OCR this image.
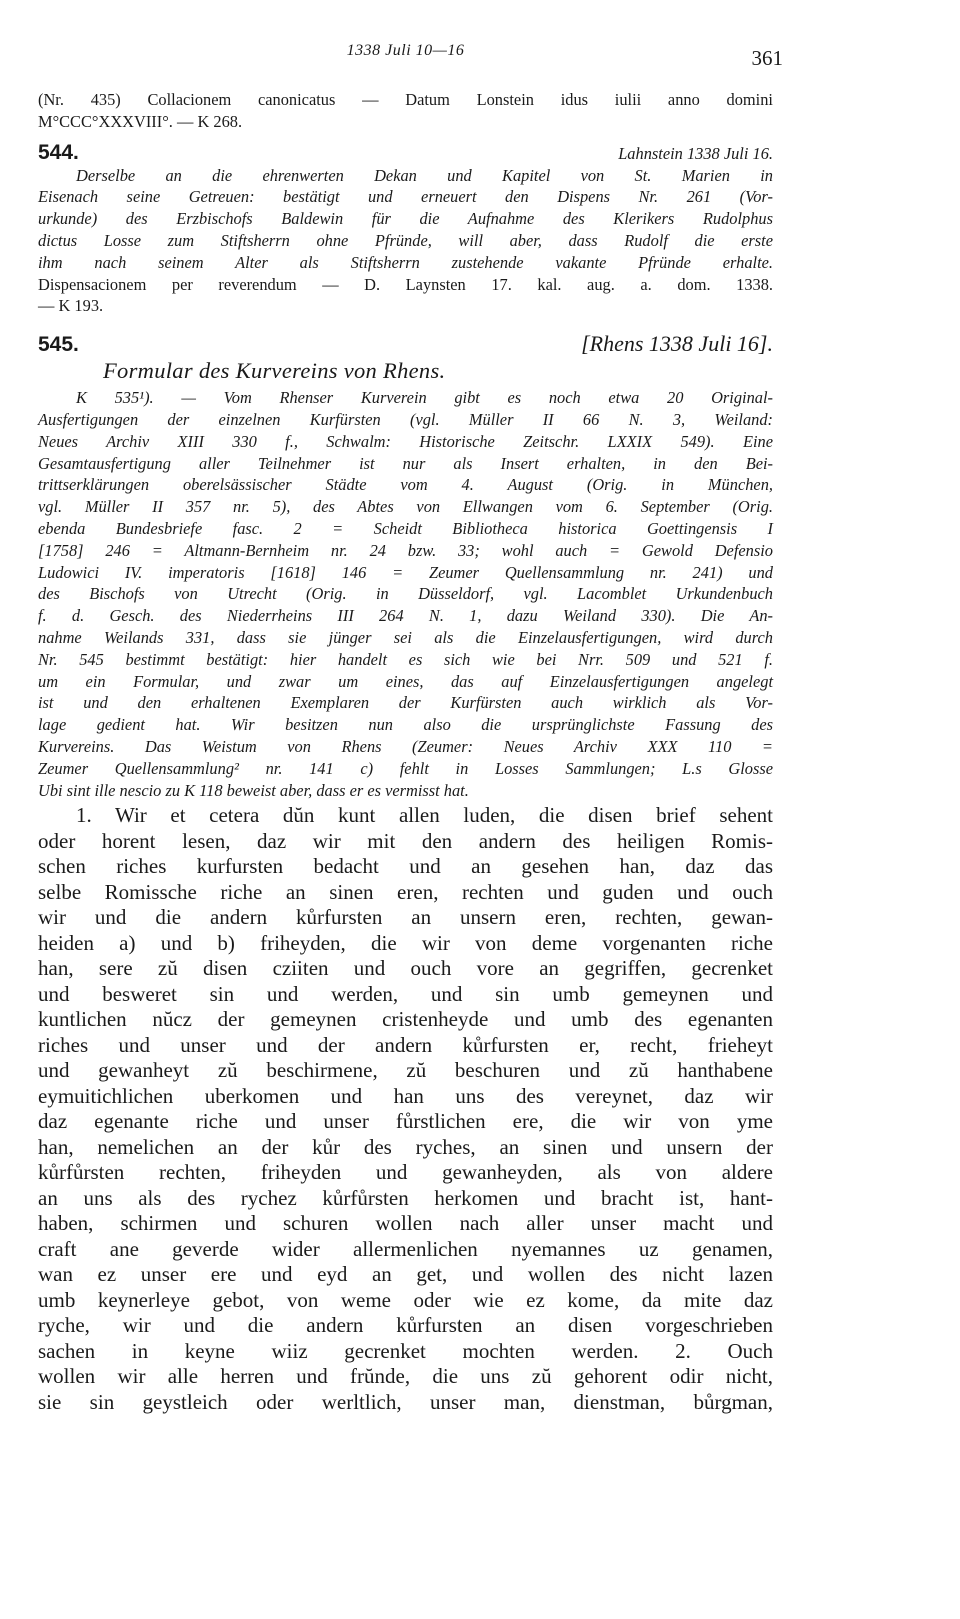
1338 Juli 10—16	361
(Nr. 435) Collacionem canonicatus — Datum Lonstein idus iulii anno domini
M°CCC°XXXVIII°. — K 268.
544.	Lahnstein 1338 Juli 16.
Derselbe an die ehrenwerten Dekan und Kapitel von St. Marien in
Eisenach seine Getreuen: bestätigt und erneuert den Dispens Nr. 261 (Vor-
urkunde) des Erzbischofs Baldewin für die Aufnahme des Klerikers Rudolphus
dictus Losse zum Stiftsherrn ohne Pfründe, will aber, dass Rudolf die erste
ihm nach seinem Alter als Stiftsherrn zustehende vakante Pfründe erhalte.
Dispensacionem per reverendum — D. Laynsten 17. kal. aug. a. dom. 1338.
— K 193.
545.	[Rhens 1338 Juli 16].
Formular des Kurvereins von Rhens.
K 535¹). — Vom Rhenser Kurverein gibt es noch etwa 20 Original-
Ausfertigungen der einzelnen Kurfürsten (vgl. Müller II 66 N. 3, Weiland:
Neues Archiv XIII 330 f., Schwalm: Historische Zeitschr. LXXIX 549). Eine
Gesamtausfertigung aller Teilnehmer ist nur als Insert erhalten, in den Bei-
trittserklärungen oberelsässischer Städte vom 4. August (Orig. in München,
vgl. Müller II 357 nr. 5), des Abtes von Ellwangen vom 6. September (Orig.
ebenda Bundesbriefe fasc. 2 = Scheidt Bibliotheca historica Goettingensis I
[1758] 246 = Altmann-Bernheim nr. 24 bzw. 33; wohl auch = Gewold Defensio
Ludowici IV. imperatoris [1618] 146 = Zeumer Quellensammlung nr. 241) und
des Bischofs von Utrecht (Orig. in Düsseldorf, vgl. Lacomblet Urkundenbuch
f. d. Gesch. des Niederrheins III 264 N. 1, dazu Weiland 330). Die An-
nahme Weilands 331, dass sie jünger sei als die Einzelausfertigungen, wird durch
Nr. 545 bestimmt bestätigt: hier handelt es sich wie bei Nrr. 509 und 521 f.
um ein Formular, und zwar um eines, das auf Einzelausfertigungen angelegt
ist und den erhaltenen Exemplaren der Kurfürsten auch wirklich als Vor-
lage gedient hat. Wir besitzen nun also die ursprünglichste Fassung des
Kurvereins. Das Weistum von Rhens (Zeumer: Neues Archiv XXX 110 =
Zeumer Quellensammlung² nr. 141 c) fehlt in Losses Sammlungen; L.s Glosse
Ubi sint ille nescio zu K 118 beweist aber, dass er es vermisst hat.
1. Wir et cetera dŭn kunt allen luden, die disen brief sehent
oder horent lesen, daz wir mit den andern des heiligen Romis-
schen riches kurfursten bedacht und an gesehen han, daz das
selbe Romissche riche an sinen eren, rechten und guden und ouch
wir und die andern kůrfursten an unsern eren, rechten, gewan-
heiden a) und b) friheyden, die wir von deme vorgenanten riche
han, sere zŭ disen cziiten und ouch vore an gegriffen, gecrenket
und besweret sin und werden, und sin umb gemeynen und
kuntlichen nŭcz der gemeynen cristenheyde und umb des egenanten
riches und unser und der andern kůrfursten er, recht, frieheyt
und gewanheyt zŭ beschirmene, zŭ beschuren und zŭ hanthabene
eymuitichlichen uberkomen und han uns des vereynet, daz wir
daz egenante riche und unser fůrstlichen ere, die wir von yme
han, nemelichen an der kůr des ryches, an sinen und unsern der
kůrfůrsten rechten, friheyden und gewanheyden, als von aldere
an uns als des rychez kůrfůrsten herkomen und bracht ist, hant-
haben, schirmen und schuren wollen nach aller unser macht und
craft ane geverde wider allermenlichen nyemannes uz genamen,
wan ez unser ere und eyd an get, und wollen des nicht lazen
umb keynerleye gebot, von weme oder wie ez kome, da mite daz
ryche, wir und die andern kůrfursten an disen vorgeschrieben
sachen in keyne wiiz gecrenket mochten werden. 2. Ouch
wollen wir alle herren und frŭnde, die uns zŭ gehorent odir nicht,
sie sin geystleich oder werltlich, unser man, dienstman, bůrgman,
